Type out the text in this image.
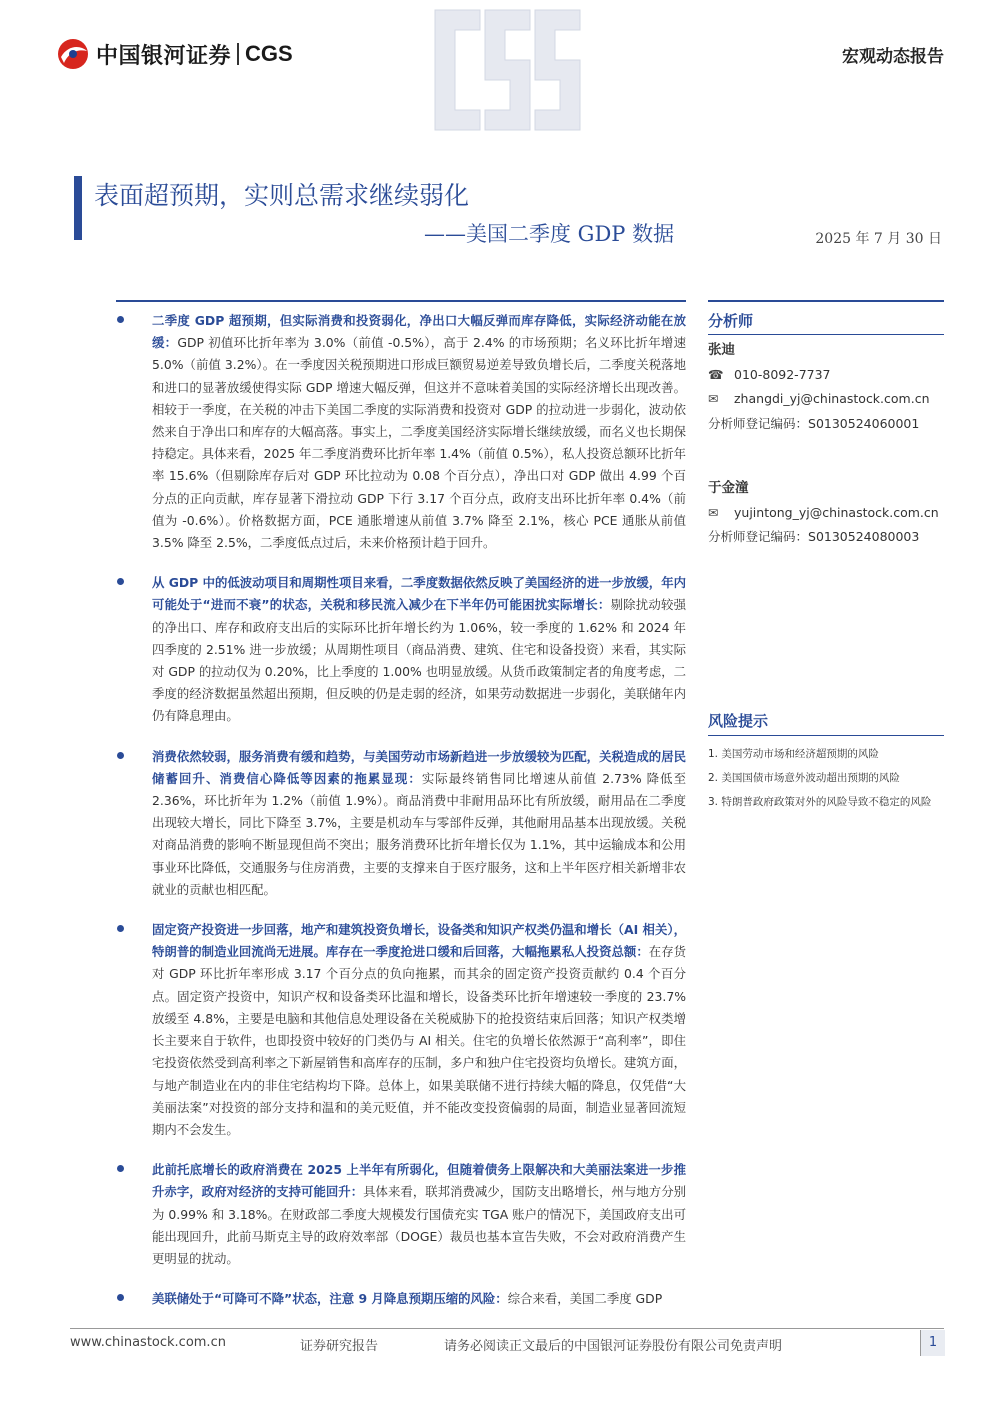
中国银河证券 CGS	宏观动态报告
表面超预期，实则总需求继续弱化
——美国二季度 GDP 数据	2025 年 7 月 30 日

二季度 GDP 超预期，但实际消费和投资弱化，净出口大幅反弹而库存降低，实际经济动能在放缓：GDP 初值环比折年率为 3.0%（前值 -0.5%），高于 2.4% 的市场预期；名义环比折年增速 5.0%（前值 3.2%）。在一季度因关税预期进口形成巨额贸易逆差导致负增长后，二季度关税落地和进口的显著放缓使得实际 GDP 增速大幅反弹，但这并不意味着美国的实际经济增长出现改善。相较于一季度，在关税的冲击下美国二季度的实际消费和投资对 GDP 的拉动进一步弱化，波动依然来自于净出口和库存的大幅高落。事实上，二季度美国经济实际增长继续放缓，而名义也长期保持稳定。具体来看，2025 年二季度消费环比折年率 1.4%（前值 0.5%），私人投资总额环比折年率 15.6%（但剔除库存后对 GDP 环比拉动为 0.08 个百分点），净出口对 GDP 做出 4.99 个百分点的正向贡献，库存显著下滑拉动 GDP 下行 3.17 个百分点，政府支出环比折年率 0.4%（前值为 -0.6%）。价格数据方面，PCE 通胀增速从前值 3.7% 降至 2.1%，核心 PCE 通胀从前值 3.5% 降至 2.5%，二季度低点过后，未来价格预计趋于回升。

从 GDP 中的低波动项目和周期性项目来看，二季度数据依然反映了美国经济的进一步放缓，年内可能处于“进而不衰”的状态，关税和移民流入减少在下半年仍可能困扰实际增长：剔除扰动较强的净出口、库存和政府支出后的实际环比折年增长约为 1.06%，较一季度的 1.62% 和 2024 年四季度的 2.51% 进一步放缓；从周期性项目（商品消费、建筑、住宅和设备投资）来看，其实际对 GDP 的拉动仅为 0.20%，比上季度的 1.00% 也明显放缓。从货币政策制定者的角度考虑，二季度的经济数据虽然超出预期，但反映的仍是走弱的经济，如果劳动数据进一步弱化，美联储年内仍有降息理由。

消费依然较弱，服务消费有缓和趋势，与美国劳动市场新趋进一步放缓较为匹配，关税造成的居民储蓄回升、消费信心降低等因素的拖累显现：实际最终销售同比增速从前值 2.73% 降低至 2.36%，环比折年为 1.2%（前值 1.9%）。商品消费中非耐用品环比有所放缓，耐用品在二季度出现较大增长，同比下降至 3.7%，主要是机动车与零部件反弹，其他耐用品基本出现放缓。关税对商品消费的影响不断显现但尚不突出；服务消费环比折年增长仅为 1.1%，其中运输成本和公用事业环比降低，交通服务与住房消费，主要的支撑来自于医疗服务，这和上半年医疗相关新增非农就业的贡献也相匹配。

固定资产投资进一步回落，地产和建筑投资负增长，设备类和知识产权类仍温和增长（AI 相关），特朗普的制造业回流尚无进展。库存在一季度抢进口缓和后回落，大幅拖累私人投资总额：在存货对 GDP 环比折年率形成 3.17 个百分点的负向拖累，而其余的固定资产投资贡献约 0.4 个百分点。固定资产投资中，知识产权和设备类环比温和增长，设备类环比折年增速较一季度的 23.7% 放缓至 4.8%，主要是电脑和其他信息处理设备在关税威胁下的抢投资结束后回落；知识产权类增长主要来自于软件，也即投资中较好的门类仍与 AI 相关。住宅的负增长依然源于“高利率”，即住宅投资依然受到高利率之下新屋销售和高库存的压制，多户和独户住宅投资均负增长。建筑方面，与地产制造业在内的非住宅结构均下降。总体上，如果美联储不进行持续大幅的降息，仅凭借“大美丽法案”对投资的部分支持和温和的美元贬值，并不能改变投资偏弱的局面，制造业显著回流短期内不会发生。

此前托底增长的政府消费在 2025 上半年有所弱化，但随着债务上限解决和大美丽法案进一步推升赤字，政府对经济的支持可能回升：具体来看，联邦消费减少，国防支出略增长，州与地方分别为 0.99% 和 3.18%。在财政部二季度大规模发行国债充实 TGA 账户的情况下，美国政府支出可能出现回升，此前马斯克主导的政府效率部（DOGE）裁员也基本宣告失败，不会对政府消费产生更明显的扰动。

美联储处于“可降可不降”状态，注意 9 月降息预期压缩的风险：综合来看，美国二季度 GDP

分析师
张迪
☎ 010-8092-7737
✉ zhangdi_yj@chinastock.com.cn
分析师登记编码： S0130524060001
于金潼
✉ yujintong_yj@chinastock.com.cn
分析师登记编码： S0130524080003
风险提示
1. 美国劳动市场和经济超预期的风险
2. 美国国债市场意外波动超出预期的风险
3. 特朗普政府政策对外的风险导致不稳定的风险
www.chinastock.com.cn	证券研究报告	请务必阅读正文最后的中国银河证券股份有限公司免责声明	1
